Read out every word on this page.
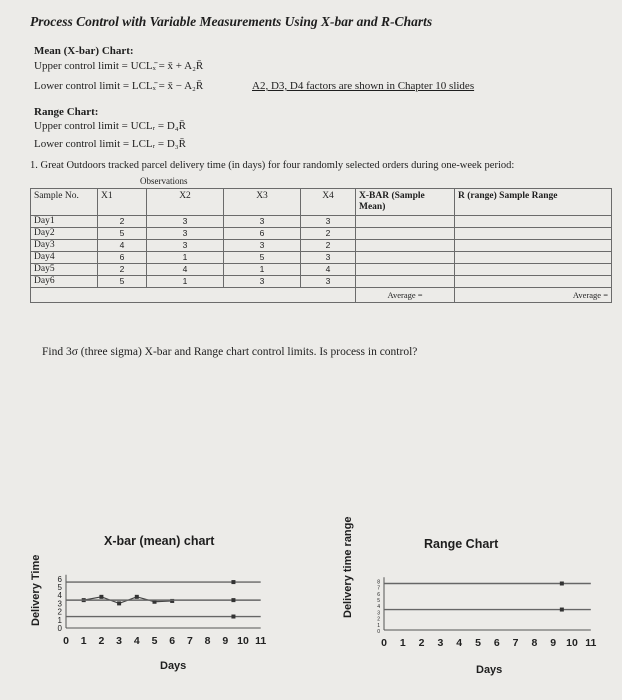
Process Control with Variable Measurements Using X-bar and R-Charts
Mean (X-bar) Chart:
Upper control limit = UCLₓ̄ = x̄̄ + A₂R̄
Lower control limit = LCLₓ̄ = x̄̄ − A₂R̄	A2, D3, D4 factors are shown in Chapter 10 slides
Range Chart:
Upper control limit = UCLᵣ = D₄R̄
Lower control limit = LCLᵣ = D₃R̄
1. Great Outdoors tracked parcel delivery time (in days) for four randomly selected orders during one-week period:
Observations
Sample No.	X1	X2	X3	X4	X-BAR (Sample Mean)	R (range) Sample Range
Day1	2	3	3	3		
Day2	5	3	6	2		
Day3	4	3	3	2		
Day4	6	1	5	3		
Day5	2	4	1	4		
Day6	5	1	3	3		
					Average =	Average =
Find 3σ (three sigma) X-bar and Range chart control limits. Is process in control?
X-bar (mean) chart
Delivery Time
0
1
2
3
4
5
6
0 1 2 3 4 5 6 7 8 9 10 11
Days
Range Chart
Delivery time range
0
1
2
3
4
5
6
7
8
0 1 2 3 4 5 6 7 8 9 10 11
Days
